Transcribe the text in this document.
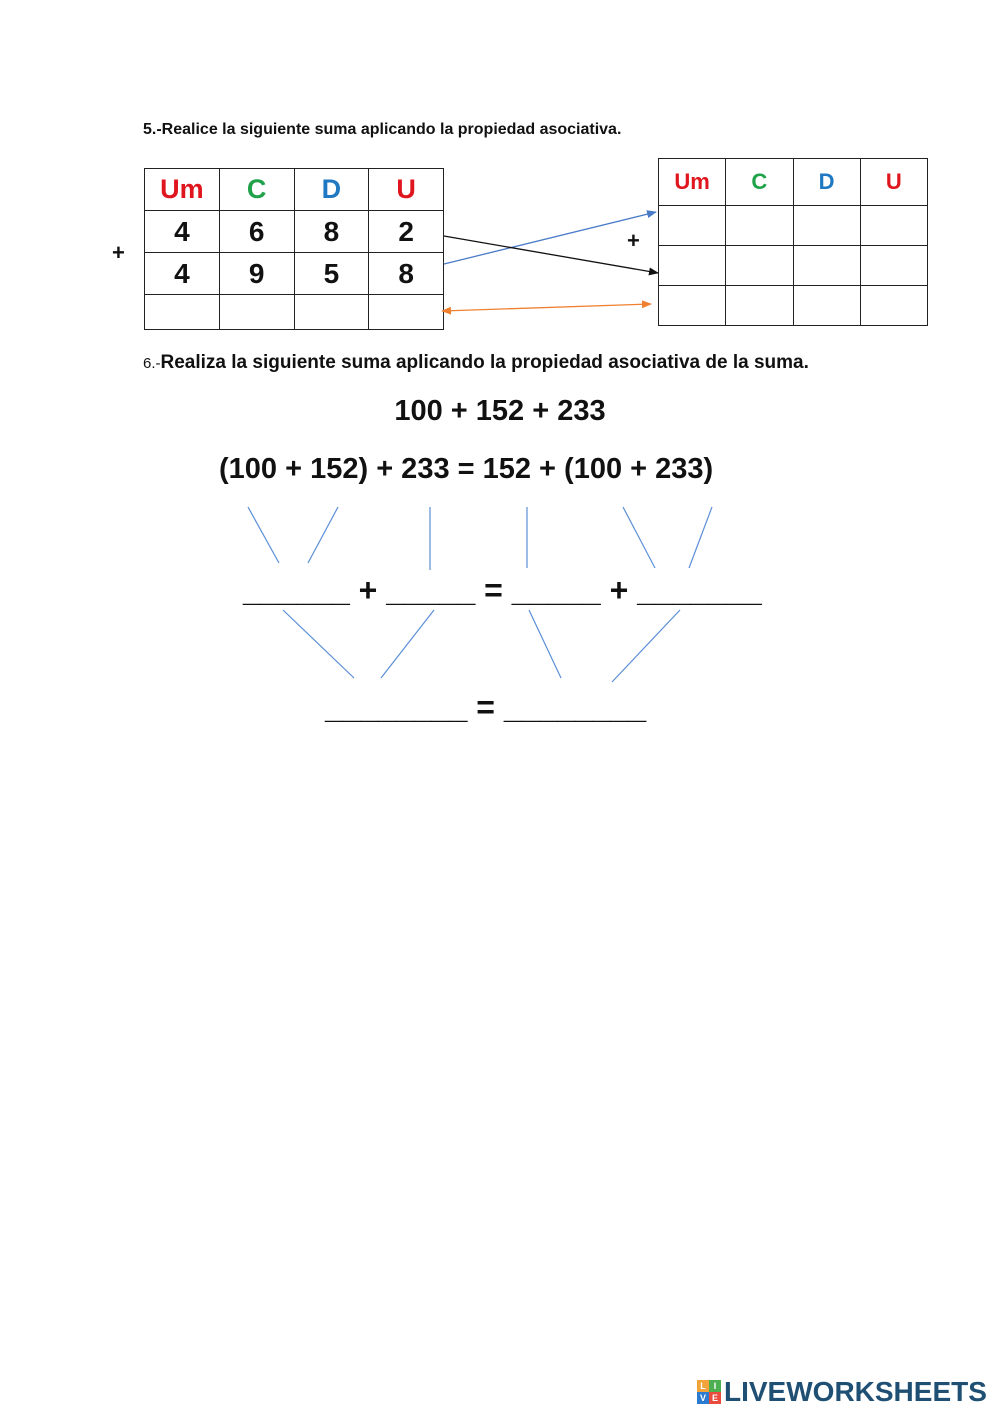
5.-Realice la siguiente suma aplicando la propiedad asociativa.
+
Um	C	D	U
4	6	8	2
4	9	5	8

+
Um	C	D	U

6.-Realiza la siguiente suma aplicando la propiedad asociativa de la suma.
100 + 152 + 233
(100 + 152) + 233 = 152 + (100 + 233)
______ + _____ = _____ + _______
________ = ________
L I
V E LIVEWORKSHEETS
